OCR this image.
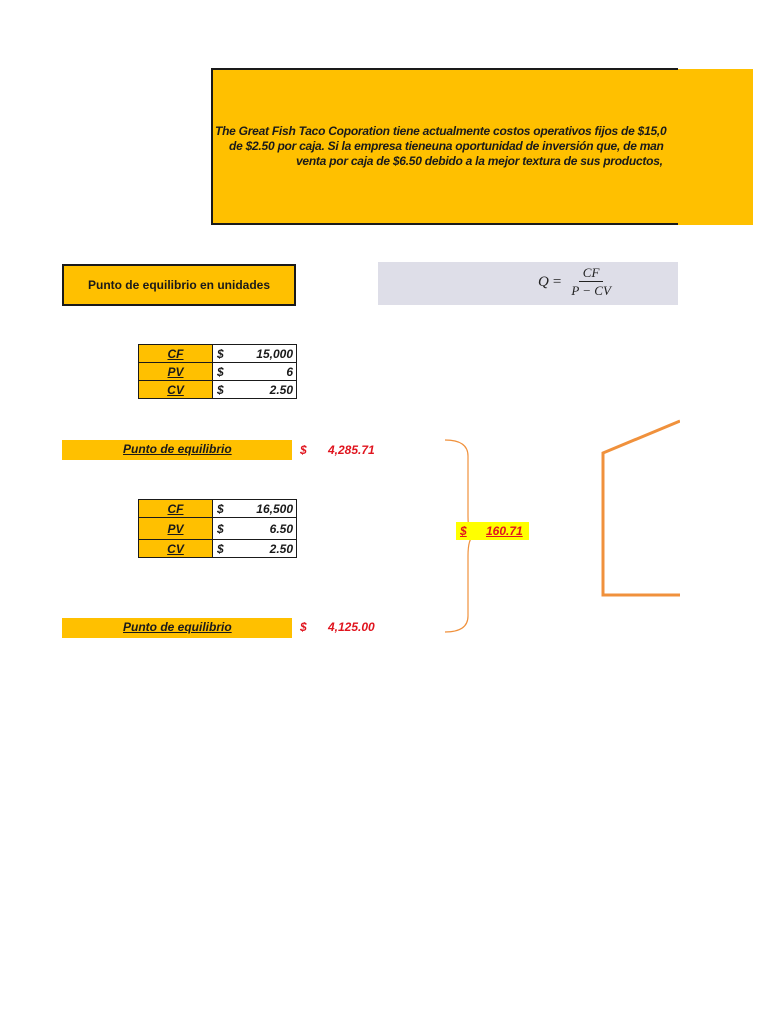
The Great Fish Taco Coporation tiene actualmente costos operativos fijos de $15,0
de $2.50 por caja. Si la empresa tieneuna oportunidad de inversión que, de man
venta por caja de $6.50 debido a la mejor textura de sus productos,
Punto de equilibrio en unidades	$Q = \frac{CF}{P - CV}$
CF	$ 15,000

PV	$ 6

CV	$ 2.50
Punto de equilibrio	$	4,285.71
CF	$ 16,500

PV	$ 6.50

CV	$ 2.50
Punto de equilibrio	$	4,125.00
$	160.71
